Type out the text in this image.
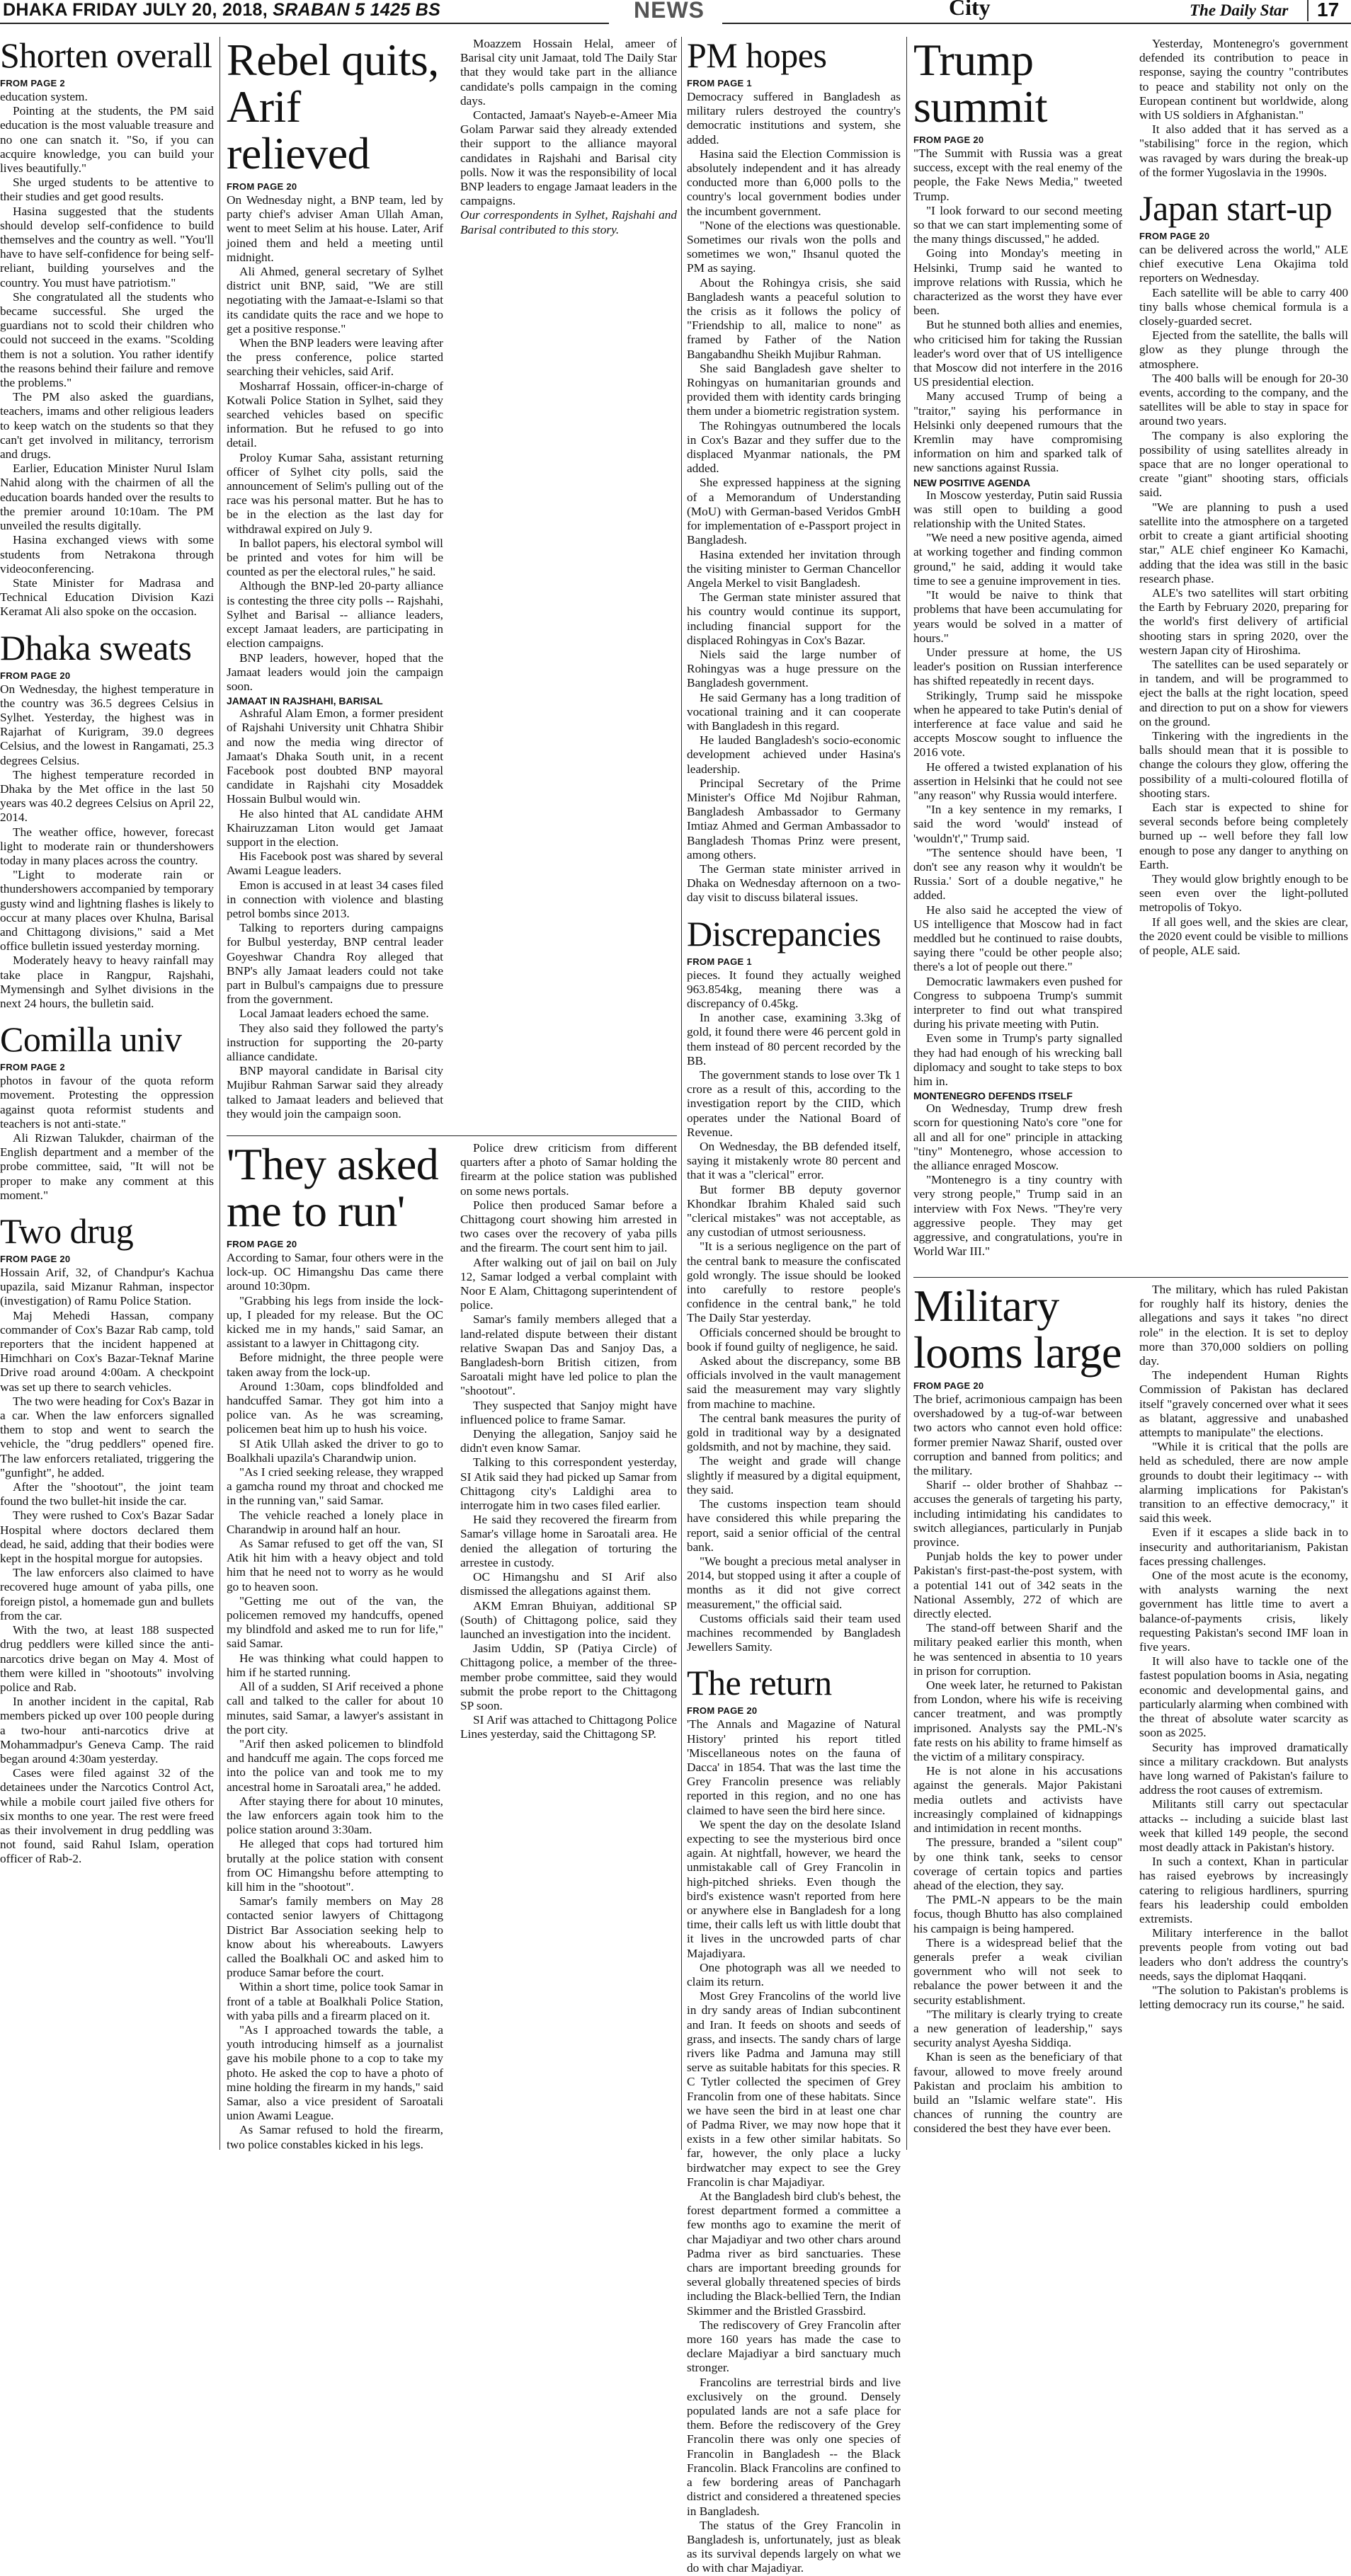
DHAKA FRIDAY JULY 20, 2018, SRABAN 5 1425 BS	NEWS	City	The Daily Star 17
Shorten overall
FROM PAGE 2

education system.

Pointing at the students, the PM said education is the most valuable treasure and no one can snatch it. "So, if you can acquire knowledge, you can build your lives beautifully."

She urged students to be attentive to their studies and get good results.

Hasina suggested that the students should develop self-confidence to build themselves and the country as well. "You'll have to have self-confidence for being self-reliant, building yourselves and the country. You must have patriotism."

She congratulated all the students who became successful. She urged the guardians not to scold their children who could not succeed in the exams. "Scolding them is not a solution. You rather identify the reasons behind their failure and remove the problems."

The PM also asked the guardians, teachers, imams and other religious leaders to keep watch on the students so that they can't get involved in militancy, terrorism and drugs.

Earlier, Education Minister Nurul Islam Nahid along with the chairmen of all the education boards handed over the results to the premier around 10:10am. The PM unveiled the results digitally.

Hasina exchanged views with some students from Netrakona through videoconferencing.

State Minister for Madrasa and Technical Education Division Kazi Keramat Ali also spoke on the occasion.

Dhaka sweats
FROM PAGE 20

On Wednesday, the highest temperature in the country was 36.5 degrees Celsius in Sylhet. Yesterday, the highest was in Rajarhat of Kurigram, 39.0 degrees Celsius, and the lowest in Rangamati, 25.3 degrees Celsius.

The highest temperature recorded in Dhaka by the Met office in the last 50 years was 40.2 degrees Celsius on April 22, 2014.

The weather office, however, forecast light to moderate rain or thundershowers today in many places across the country.

"Light to moderate rain or thundershowers accompanied by temporary gusty wind and lightning flashes is likely to occur at many places over Khulna, Barisal and Chittagong divisions," said a Met office bulletin issued yesterday morning.

Moderately heavy to heavy rainfall may take place in Rangpur, Rajshahi, Mymensingh and Sylhet divisions in the next 24 hours, the bulletin said.

Comilla univ
FROM PAGE 2

photos in favour of the quota reform movement. Protesting the oppression against quota reformist students and teachers is not anti-state."

Ali Rizwan Talukder, chairman of the English department and a member of the probe committee, said, "It will not be proper to make any comment at this moment."

Two drug
FROM PAGE 20

Hossain Arif, 32, of Chandpur's Kachua upazila, said Mizanur Rahman, inspector (investigation) of Ramu Police Station.

Maj Mehedi Hassan, company commander of Cox's Bazar Rab camp, told reporters that the incident happened at Himchhari on Cox's Bazar-Teknaf Marine Drive road around 4:00am. A checkpoint was set up there to search vehicles.

The two were heading for Cox's Bazar in a car. When the law enforcers signalled them to stop and went to search the vehicle, the "drug peddlers" opened fire. The law enforcers retaliated, triggering the "gunfight", he added.

After the "shootout", the joint team found the two bullet-hit inside the car.

They were rushed to Cox's Bazar Sadar Hospital where doctors declared them dead, he said, adding that their bodies were kept in the hospital morgue for autopsies.

The law enforcers also claimed to have recovered huge amount of yaba pills, one foreign pistol, a homemade gun and bullets from the car.

With the two, at least 188 suspected drug peddlers were killed since the anti-narcotics drive began on May 4. Most of them were killed in "shootouts" involving police and Rab.

In another incident in the capital, Rab members picked up over 100 people during a two-hour anti-narcotics drive at Mohammadpur's Geneva Camp. The raid began around 4:30am yesterday.

Cases were filed against 32 of the detainees under the Narcotics Control Act, while a mobile court jailed five others for six months to one year. The rest were freed as their involvement in drug peddling was not found, said Rahul Islam, operation officer of Rab-2.

Rebel quits, Arif relieved
FROM PAGE 20

On Wednesday night, a BNP team, led by party chief's adviser Aman Ullah Aman, went to meet Selim at his house. Later, Arif joined them and held a meeting until midnight.

Ali Ahmed, general secretary of Sylhet district unit BNP, said, "We are still negotiating with the Jamaat-e-Islami so that its candidate quits the race and we hope to get a positive response."

When the BNP leaders were leaving after the press conference, police started searching their vehicles, said Arif.

Mosharraf Hossain, officer-in-charge of Kotwali Police Station in Sylhet, said they searched vehicles based on specific information. But he refused to go into detail.

Proloy Kumar Saha, assistant returning officer of Sylhet city polls, said the announcement of Selim's pulling out of the race was his personal matter. But he has to be in the election as the last day for withdrawal expired on July 9.

In ballot papers, his electoral symbol will be printed and votes for him will be counted as per the electoral rules," he said.

Although the BNP-led 20-party alliance is contesting the three city polls -- Rajshahi, Sylhet and Barisal -- alliance leaders, except Jamaat leaders, are participating in election campaigns.

BNP leaders, however, hoped that the Jamaat leaders would join the campaign soon.

JAMAAT IN RAJSHAHI, BARISAL

Ashraful Alam Emon, a former president of Rajshahi University unit Chhatra Shibir and now the media wing director of Jamaat's Dhaka South unit, in a recent Facebook post doubted BNP mayoral candidate in Rajshahi city Mosaddek Hossain Bulbul would win.

He also hinted that AL candidate AHM Khairuzzaman Liton would get Jamaat support in the election.

His Facebook post was shared by several Awami League leaders.

Emon is accused in at least 34 cases filed in connection with violence and blasting petrol bombs since 2013.

Talking to reporters during campaigns for Bulbul yesterday, BNP central leader Goyeshwar Chandra Roy alleged that BNP's ally Jamaat leaders could not take part in Bulbul's campaigns due to pressure from the government.

Local Jamaat leaders echoed the same.

They also said they followed the party's instruction for supporting the 20-party alliance candidate.

BNP mayoral candidate in Barisal city Mujibur Rahman Sarwar said they already talked to Jamaat leaders and believed that they would join the campaign soon.

Moazzem Hossain Helal, ameer of Barisal city unit Jamaat, told The Daily Star that they would take part in the alliance candidate's polls campaign in the coming days.

Contacted, Jamaat's Nayeb-e-Ameer Mia Golam Parwar said they already extended their support to the alliance mayoral candidates in Rajshahi and Barisal city polls. Now it was the responsibility of local BNP leaders to engage Jamaat leaders in the campaigns.

Our correspondents in Sylhet, Rajshahi and Barisal contributed to this story.

'They asked me to run'
FROM PAGE 20

According to Samar, four others were in the lock-up. OC Himangshu Das came there around 10:30pm.

"Grabbing his legs from inside the lock-up, I pleaded for my release. But the OC kicked me in my hands," said Samar, an assistant to a lawyer in Chittagong city.

Before midnight, the three people were taken away from the lock-up.

Around 1:30am, cops blindfolded and handcuffed Samar. They got him into a police van. As he was screaming, policemen beat him up to hush his voice.

SI Atik Ullah asked the driver to go to Boalkhali upazila's Charandwip union.

"As I cried seeking release, they wrapped a gamcha round my throat and chocked me in the running van," said Samar.

The vehicle reached a lonely place in Charandwip in around half an hour.

As Samar refused to get off the van, SI Atik hit him with a heavy object and told him that he need not to worry as he would go to heaven soon.

"Getting me out of the van, the policemen removed my handcuffs, opened my blindfold and asked me to run for life," said Samar.

He was thinking what could happen to him if he started running.

All of a sudden, SI Arif received a phone call and talked to the caller for about 10 minutes, said Samar, a lawyer's assistant in the port city.

"Arif then asked policemen to blindfold and handcuff me again. The cops forced me into the police van and took me to my ancestral home in Saroatali area," he added.

After staying there for about 10 minutes, the law enforcers again took him to the police station around 3:30am.

He alleged that cops had tortured him brutally at the police station with consent from OC Himangshu before attempting to kill him in the "shootout".

Samar's family members on May 28 contacted senior lawyers of Chittagong District Bar Association seeking help to know about his whereabouts. Lawyers called the Boalkhali OC and asked him to produce Samar before the court.

Within a short time, police took Samar in front of a table at Boalkhali Police Station, with yaba pills and a firearm placed on it.

"As I approached towards the table, a youth introducing himself as a journalist gave his mobile phone to a cop to take my photo. He asked the cop to have a photo of mine holding the firearm in my hands," said Samar, also a vice president of Saroatali union Awami League.

As Samar refused to hold the firearm, two police constables kicked in his legs.

Police drew criticism from different quarters after a photo of Samar holding the firearm at the police station was published on some news portals.

Police then produced Samar before a Chittagong court showing him arrested in two cases over the recovery of yaba pills and the firearm. The court sent him to jail.

After walking out of jail on bail on July 12, Samar lodged a verbal complaint with Noor E Alam, Chittagong superintendent of police.

Samar's family members alleged that a land-related dispute between their distant relative Swapan Das and Sanjoy Das, a Bangladesh-born British citizen, from Saroatali might have led police to plan the "shootout".

They suspected that Sanjoy might have influenced police to frame Samar.

Denying the allegation, Sanjoy said he didn't even know Samar.

Talking to this correspondent yesterday, SI Atik said they had picked up Samar from Chittagong city's Laldighi area to interrogate him in two cases filed earlier.

He said they recovered the firearm from Samar's village home in Saroatali area. He denied the allegation of torturing the arrestee in custody.

OC Himangshu and SI Arif also dismissed the allegations against them.

AKM Emran Bhuiyan, additional SP (South) of Chittagong police, said they launched an investigation into the incident.

Jasim Uddin, SP (Patiya Circle) of Chittagong police, a member of the three-member probe committee, said they would submit the probe report to the Chittagong SP soon.

SI Arif was attached to Chittagong Police Lines yesterday, said the Chittagong SP.

PM hopes
FROM PAGE 1

Democracy suffered in Bangladesh as military rulers destroyed the country's democratic institutions and system, she added.

Hasina said the Election Commission is absolutely independent and it has already conducted more than 6,000 polls to the country's local government bodies under the incumbent government.

"None of the elections was questionable. Sometimes our rivals won the polls and sometimes we won," Ihsanul quoted the PM as saying.

About the Rohingya crisis, she said Bangladesh wants a peaceful solution to the crisis as it follows the policy of "Friendship to all, malice to none" as framed by Father of the Nation Bangabandhu Sheikh Mujibur Rahman.

She said Bangladesh gave shelter to Rohingyas on humanitarian grounds and provided them with identity cards bringing them under a biometric registration system.

The Rohingyas outnumbered the locals in Cox's Bazar and they suffer due to the displaced Myanmar nationals, the PM added.

She expressed happiness at the signing of a Memorandum of Understanding (MoU) with German-based Veridos GmbH for implementation of e-Passport project in Bangladesh.

Hasina extended her invitation through the visiting minister to German Chancellor Angela Merkel to visit Bangladesh.

The German state minister assured that his country would continue its support, including financial support for the displaced Rohingyas in Cox's Bazar.

Niels said the large number of Rohingyas was a huge pressure on the Bangladesh government.

He said Germany has a long tradition of vocational training and it can cooperate with Bangladesh in this regard.

He lauded Bangladesh's socio-economic development achieved under Hasina's leadership.

Principal Secretary of the Prime Minister's Office Md Nojibur Rahman, Bangladesh Ambassador to Germany Imtiaz Ahmed and German Ambassador to Bangladesh Thomas Prinz were present, among others.

The German state minister arrived in Dhaka on Wednesday afternoon on a two-day visit to discuss bilateral issues.

Discrepancies
FROM PAGE 1

pieces. It found they actually weighed 963.854kg, meaning there was a discrepancy of 0.45kg.

In another case, examining 3.3kg of gold, it found there were 46 percent gold in them instead of 80 percent recorded by the BB.

The government stands to lose over Tk 1 crore as a result of this, according to the investigation report by the CIID, which operates under the National Board of Revenue.

On Wednesday, the BB defended itself, saying it mistakenly wrote 80 percent and that it was a "clerical" error.

But former BB deputy governor Khondkar Ibrahim Khaled said such "clerical mistakes" was not acceptable, as any custodian of utmost seriousness.

"It is a serious negligence on the part of the central bank to measure the confiscated gold wrongly. The issue should be looked into carefully to restore people's confidence in the central bank," he told The Daily Star yesterday.

Officials concerned should be brought to book if found guilty of negligence, he said.

Asked about the discrepancy, some BB officials involved in the vault management said the measurement may vary slightly from machine to machine.

The central bank measures the purity of gold in traditional way by a designated goldsmith, and not by machine, they said.

The weight and grade will change slightly if measured by a digital equipment, they said.

The customs inspection team should have considered this while preparing the report, said a senior official of the central bank.

"We bought a precious metal analyser in 2014, but stopped using it after a couple of months as it did not give correct measurement," the official said.

Customs officials said their team used machines recommended by Bangladesh Jewellers Samity.

The return
FROM PAGE 20

'The Annals and Magazine of Natural History' printed his report titled 'Miscellaneous notes on the fauna of Dacca' in 1854. That was the last time the Grey Francolin presence was reliably reported in this region, and no one has claimed to have seen the bird here since.

We spent the day on the desolate Island expecting to see the mysterious bird once again. At nightfall, however, we heard the unmistakable call of Grey Francolin in high-pitched shrieks. Even though the bird's existence wasn't reported from here or anywhere else in Bangladesh for a long time, their calls left us with little doubt that it lives in the uncrowded parts of char Majadiyara.

One photograph was all we needed to claim its return.

Most Grey Francolins of the world live in dry sandy areas of Indian subcontinent and Iran. It feeds on shoots and seeds of grass, and insects. The sandy chars of large rivers like Padma and Jamuna may still serve as suitable habitats for this species. R C Tytler collected the specimen of Grey Francolin from one of these habitats. Since we have seen the bird in at least one char of Padma River, we may now hope that it exists in a few other similar habitats. So far, however, the only place a lucky birdwatcher may expect to see the Grey Francolin is char Majadiyar.

At the Bangladesh bird club's behest, the forest department formed a committee a few months ago to examine the merit of char Majadiyar and two other chars around Padma river as bird sanctuaries. These chars are important breeding grounds for several globally threatened species of birds including the Black-bellied Tern, the Indian Skimmer and the Bristled Grassbird.

The rediscovery of Grey Francolin after more 160 years has made the case to declare Majadiyar a bird sanctuary much stronger.

Francolins are terrestrial birds and live exclusively on the ground. Densely populated lands are not a safe place for them. Before the rediscovery of the Grey Francolin there was only one species of Francolin in Bangladesh -- the Black Francolin. Black Francolins are confined to a few bordering areas of Panchagarh district and considered a threatened species in Bangladesh.

The status of the Grey Francolin in Bangladesh is, unfortunately, just as bleak as its survival depends largely on what we do with char Majadiyar.

Trump summit
FROM PAGE 20

"The Summit with Russia was a great success, except with the real enemy of the people, the Fake News Media," tweeted Trump.

"I look forward to our second meeting so that we can start implementing some of the many things discussed," he added.

Going into Monday's meeting in Helsinki, Trump said he wanted to improve relations with Russia, which he characterized as the worst they have ever been.

But he stunned both allies and enemies, who criticised him for taking the Russian leader's word over that of US intelligence that Moscow did not interfere in the 2016 US presidential election.

Many accused Trump of being a "traitor," saying his performance in Helsinki only deepened rumours that the Kremlin may have compromising information on him and sparked talk of new sanctions against Russia.

NEW POSITIVE AGENDA

In Moscow yesterday, Putin said Russia was still open to building a good relationship with the United States.

"We need a new positive agenda, aimed at working together and finding common ground," he said, adding it would take time to see a genuine improvement in ties.

"It would be naive to think that problems that have been accumulating for years would be solved in a matter of hours."

Under pressure at home, the US leader's position on Russian interference has shifted repeatedly in recent days.

Strikingly, Trump said he misspoke when he appeared to take Putin's denial of interference at face value and said he accepts Moscow sought to influence the 2016 vote.

He offered a twisted explanation of his assertion in Helsinki that he could not see "any reason" why Russia would interfere.

"In a key sentence in my remarks, I said the word 'would' instead of 'wouldn't'," Trump said.

"The sentence should have been, 'I don't see any reason why it wouldn't be Russia.' Sort of a double negative," he added.

He also said he accepted the view of US intelligence that Moscow had in fact meddled but he continued to raise doubts, saying there "could be other people also; there's a lot of people out there."

Democratic lawmakers even pushed for Congress to subpoena Trump's summit interpreter to find out what transpired during his private meeting with Putin.

Even some in Trump's party signalled they had had enough of his wrecking ball diplomacy and sought to take steps to box him in.

MONTENEGRO DEFENDS ITSELF

On Wednesday, Trump drew fresh scorn for questioning Nato's core "one for all and all for one" principle in attacking "tiny" Montenegro, whose accession to the alliance enraged Moscow.

"Montenegro is a tiny country with very strong people," Trump said in an interview with Fox News. "They're very aggressive people. They may get aggressive, and congratulations, you're in World War III."

Yesterday, Montenegro's government defended its contribution to peace in response, saying the country "contributes to peace and stability not only on the European continent but worldwide, along with US soldiers in Afghanistan."

It also added that it has served as a "stabilising" force in the region, which was ravaged by wars during the break-up of the former Yugoslavia in the 1990s.

Japan start-up
FROM PAGE 20

can be delivered across the world," ALE chief executive Lena Okajima told reporters on Wednesday.

Each satellite will be able to carry 400 tiny balls whose chemical formula is a closely-guarded secret.

Ejected from the satellite, the balls will glow as they plunge through the atmosphere.

The 400 balls will be enough for 20-30 events, according to the company, and the satellites will be able to stay in space for around two years.

The company is also exploring the possibility of using satellites already in space that are no longer operational to create "giant" shooting stars, officials said.

"We are planning to push a used satellite into the atmosphere on a targeted orbit to create a giant artificial shooting star," ALE chief engineer Ko Kamachi, adding that the idea was still in the basic research phase.

ALE's two satellites will start orbiting the Earth by February 2020, preparing for the world's first delivery of artificial shooting stars in spring 2020, over the western Japan city of Hiroshima.

The satellites can be used separately or in tandem, and will be programmed to eject the balls at the right location, speed and direction to put on a show for viewers on the ground.

Tinkering with the ingredients in the balls should mean that it is possible to change the colours they glow, offering the possibility of a multi-coloured flotilla of shooting stars.

Each star is expected to shine for several seconds before being completely burned up -- well before they fall low enough to pose any danger to anything on Earth.

They would glow brightly enough to be seen even over the light-polluted metropolis of Tokyo.

If all goes well, and the skies are clear, the 2020 event could be visible to millions of people, ALE said.

Military looms large
FROM PAGE 20

The brief, acrimonious campaign has been overshadowed by a tug-of-war between two actors who cannot even hold office: former premier Nawaz Sharif, ousted over corruption and banned from politics; and the military.

Sharif -- older brother of Shahbaz -- accuses the generals of targeting his party, including intimidating his candidates to switch allegiances, particularly in Punjab province.

Punjab holds the key to power under Pakistan's first-past-the-post system, with a potential 141 out of 342 seats in the National Assembly, 272 of which are directly elected.

The stand-off between Sharif and the military peaked earlier this month, when he was sentenced in absentia to 10 years in prison for corruption.

One week later, he returned to Pakistan from London, where his wife is receiving cancer treatment, and was promptly imprisoned. Analysts say the PML-N's fate rests on his ability to frame himself as the victim of a military conspiracy.

He is not alone in his accusations against the generals. Major Pakistani media outlets and activists have increasingly complained of kidnappings and intimidation in recent months.

The pressure, branded a "silent coup" by one think tank, seeks to censor coverage of certain topics and parties ahead of the election, they say.

The PML-N appears to be the main focus, though Bhutto has also complained his campaign is being hampered.

There is a widespread belief that the generals prefer a weak civilian government who will not seek to rebalance the power between it and the security establishment.

"The military is clearly trying to create a new generation of leadership," says security analyst Ayesha Siddiqa.

Khan is seen as the beneficiary of that favour, allowed to move freely around Pakistan and proclaim his ambition to build an "Islamic welfare state". His chances of running the country are considered the best they have ever been.

The military, which has ruled Pakistan for roughly half its history, denies the allegations and says it takes "no direct role" in the election. It is set to deploy more than 370,000 soldiers on polling day.

The independent Human Rights Commission of Pakistan has declared itself "gravely concerned over what it sees as blatant, aggressive and unabashed attempts to manipulate" the elections.

"While it is critical that the polls are held as scheduled, there are now ample grounds to doubt their legitimacy -- with alarming implications for Pakistan's transition to an effective democracy," it said this week.

Even if it escapes a slide back in to insecurity and authoritarianism, Pakistan faces pressing challenges.

One of the most acute is the economy, with analysts warning the next government has little time to avert a balance-of-payments crisis, likely requesting Pakistan's second IMF loan in five years.

It will also have to tackle one of the fastest population booms in Asia, negating economic and developmental gains, and particularly alarming when combined with the threat of absolute water scarcity as soon as 2025.

Security has improved dramatically since a military crackdown. But analysts have long warned of Pakistan's failure to address the root causes of extremism.

Militants still carry out spectacular attacks -- including a suicide blast last week that killed 149 people, the second most deadly attack in Pakistan's history.

In such a context, Khan in particular has raised eyebrows by increasingly catering to religious hardliners, spurring fears his leadership could embolden extremists.

Military interference in the ballot prevents people from voting out bad leaders who don't address the country's needs, says the diplomat Haqqani.

"The solution to Pakistan's problems is letting democracy run its course," he said.
